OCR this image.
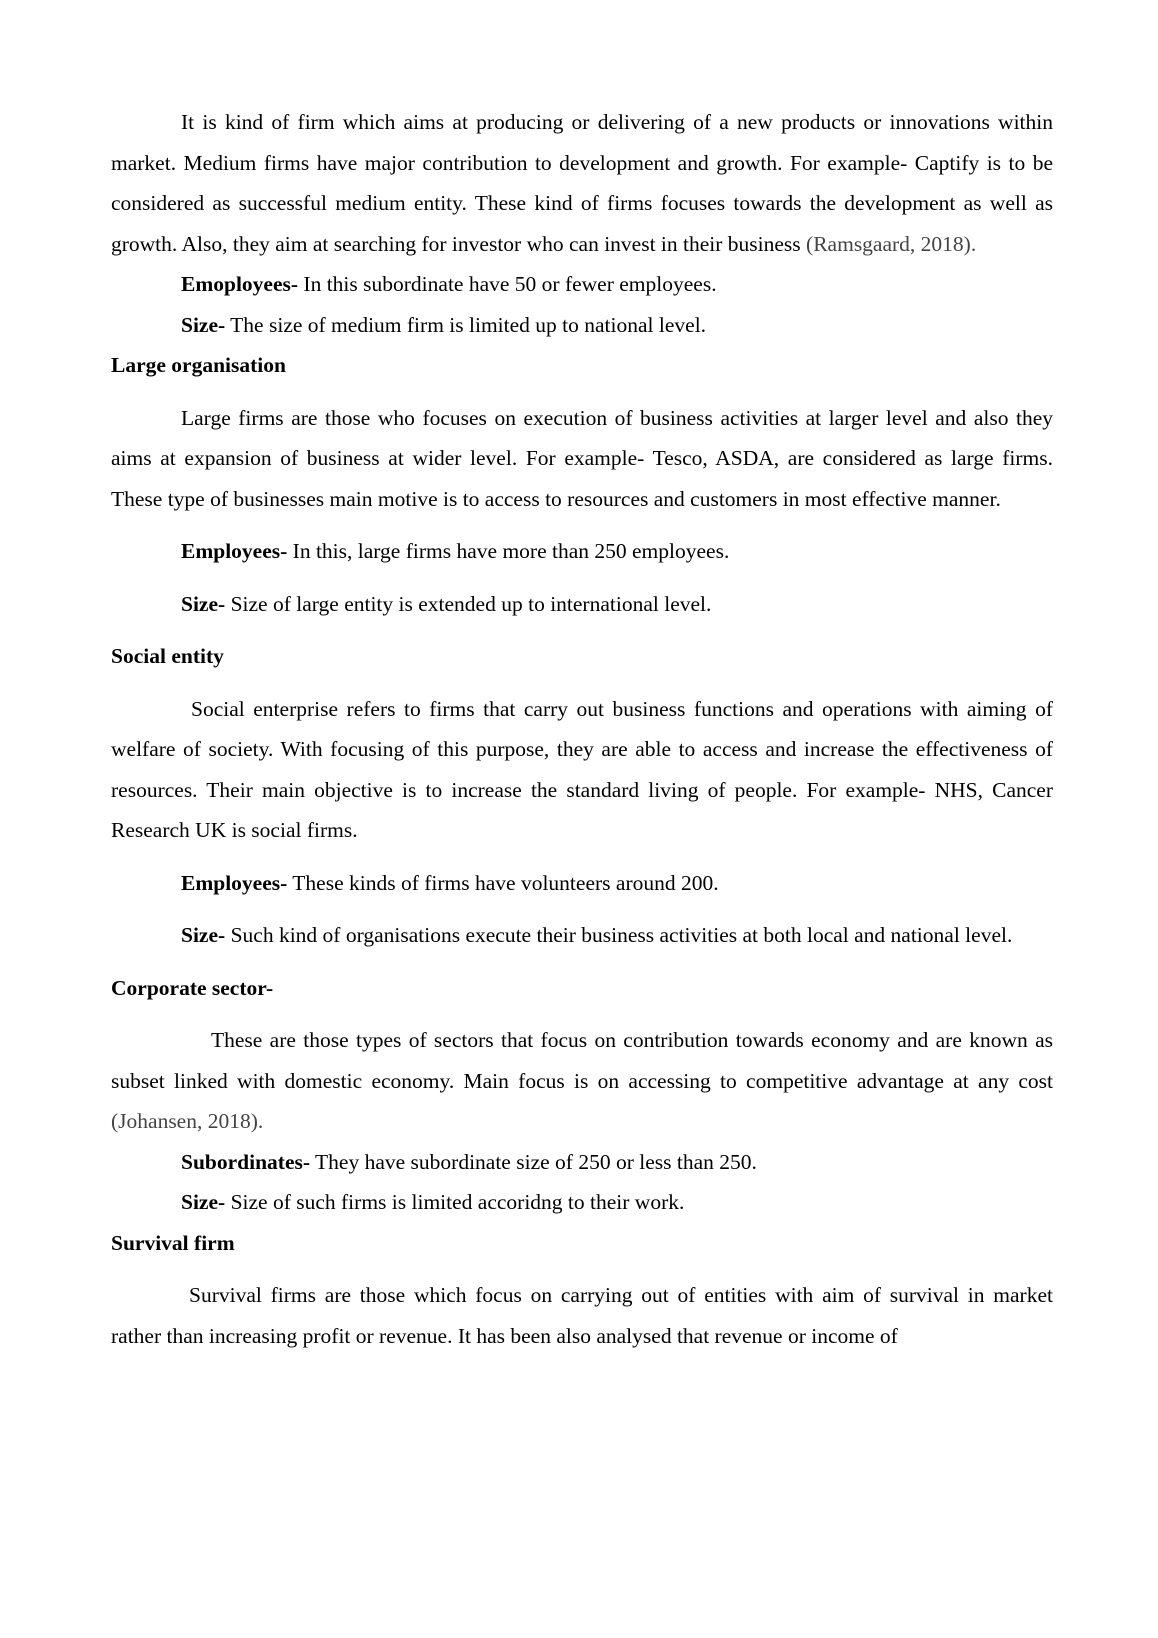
It is kind of firm which aims at producing or delivering of a new products or innovations within market. Medium firms have major contribution to development and growth. For example- Captify is to be considered as successful medium entity. These kind of firms focuses towards the development as well as growth. Also, they aim at searching for investor who can invest in their business (Ramsgaard, 2018).

Emoployees- In this subordinate have 50 or fewer employees.

Size- The size of medium firm is limited up to national level.

Large organisation

Large firms are those who focuses on execution of business activities at larger level and also they aims at expansion of business at wider level. For example- Tesco, ASDA, are considered as large firms. These type of businesses main motive is to access to resources and customers in most effective manner.

Employees- In this, large firms have more than 250 employees.

Size- Size of large entity is extended up to international level.

Social entity

Social enterprise refers to firms that carry out business functions and operations with aiming of welfare of society. With focusing of this purpose, they are able to access and increase the effectiveness of resources. Their main objective is to increase the standard living of people. For example- NHS, Cancer Research UK is social firms.

Employees- These kinds of firms have volunteers around 200.

Size- Such kind of organisations execute their business activities at both local and national level.

Corporate sector-

These are those types of sectors that focus on contribution towards economy and are known as subset linked with domestic economy. Main focus is on accessing to competitive advantage at any cost (Johansen, 2018).

Subordinates- They have subordinate size of 250 or less than 250.

Size- Size of such firms is limited accoridng to their work.

Survival firm

Survival firms are those which focus on carrying out of entities with aim of survival in market rather than increasing profit or revenue. It has been also analysed that revenue or income of
